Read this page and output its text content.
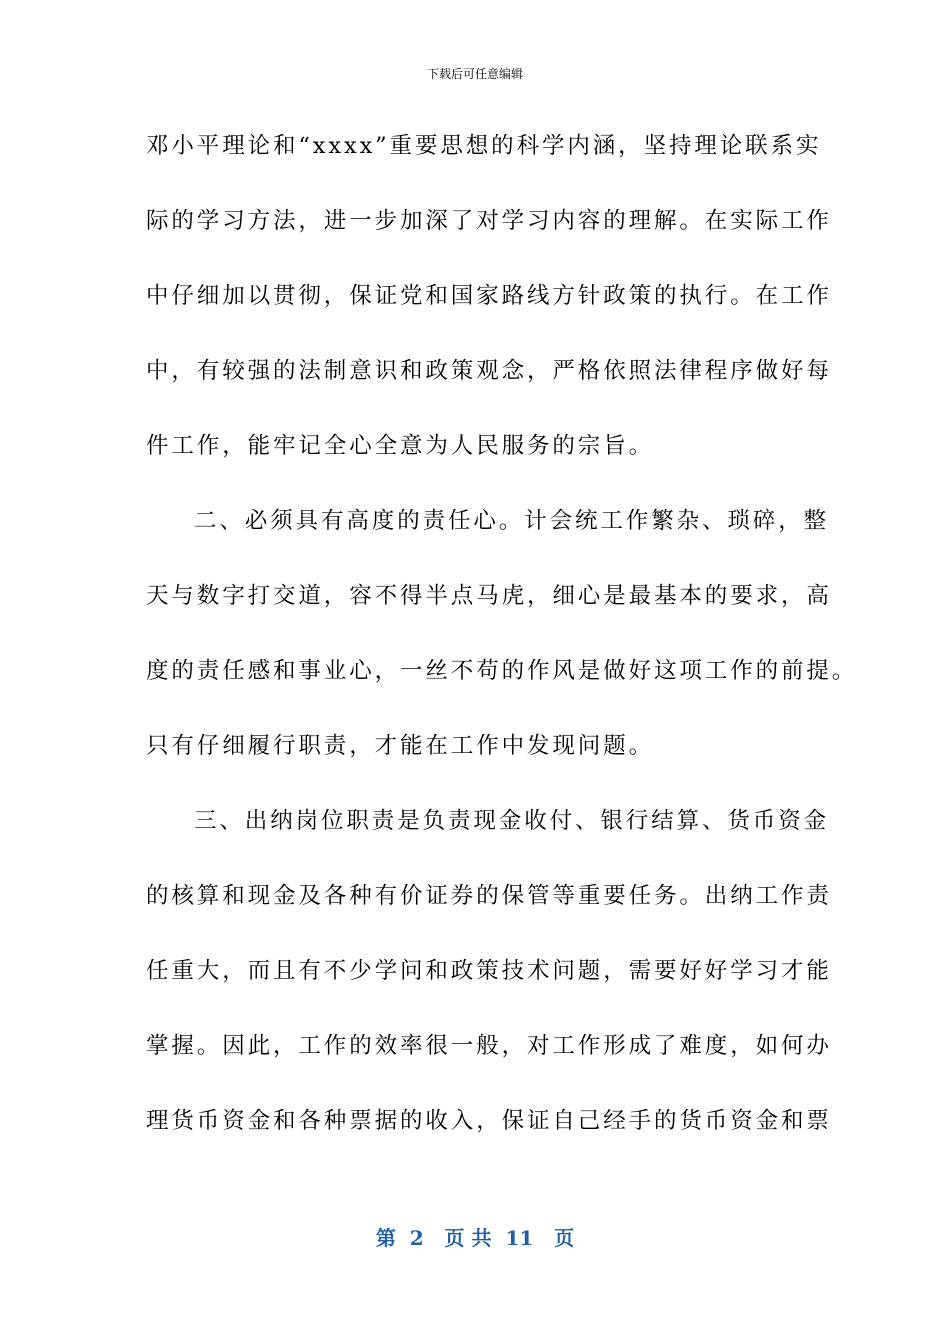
下载后可任意编辑
邓小平理论和“xxxx”重要思想的科学内涵，坚持理论联系实
际的学习方法，进一步加深了对学习内容的理解。在实际工作
中仔细加以贯彻，保证党和国家路线方针政策的执行。在工作
中，有较强的法制意识和政策观念，严格依照法律程序做好每
件工作，能牢记全心全意为人民服务的宗旨。
二、必须具有高度的责任心。计会统工作繁杂、琐碎，整
天与数字打交道，容不得半点马虎，细心是最基本的要求，高
度的责任感和事业心，一丝不苟的作风是做好这项工作的前提。
只有仔细履行职责，才能在工作中发现问题。
三、出纳岗位职责是负责现金收付、银行结算、货币资金
的核算和现金及各种有价证券的保管等重要任务。出纳工作责
任重大，而且有不少学问和政策技术问题，需要好好学习才能
掌握。因此，工作的效率很一般，对工作形成了难度，如何办
理货币资金和各种票据的收入，保证自己经手的货币资金和票
第  2   页 共  11   页
